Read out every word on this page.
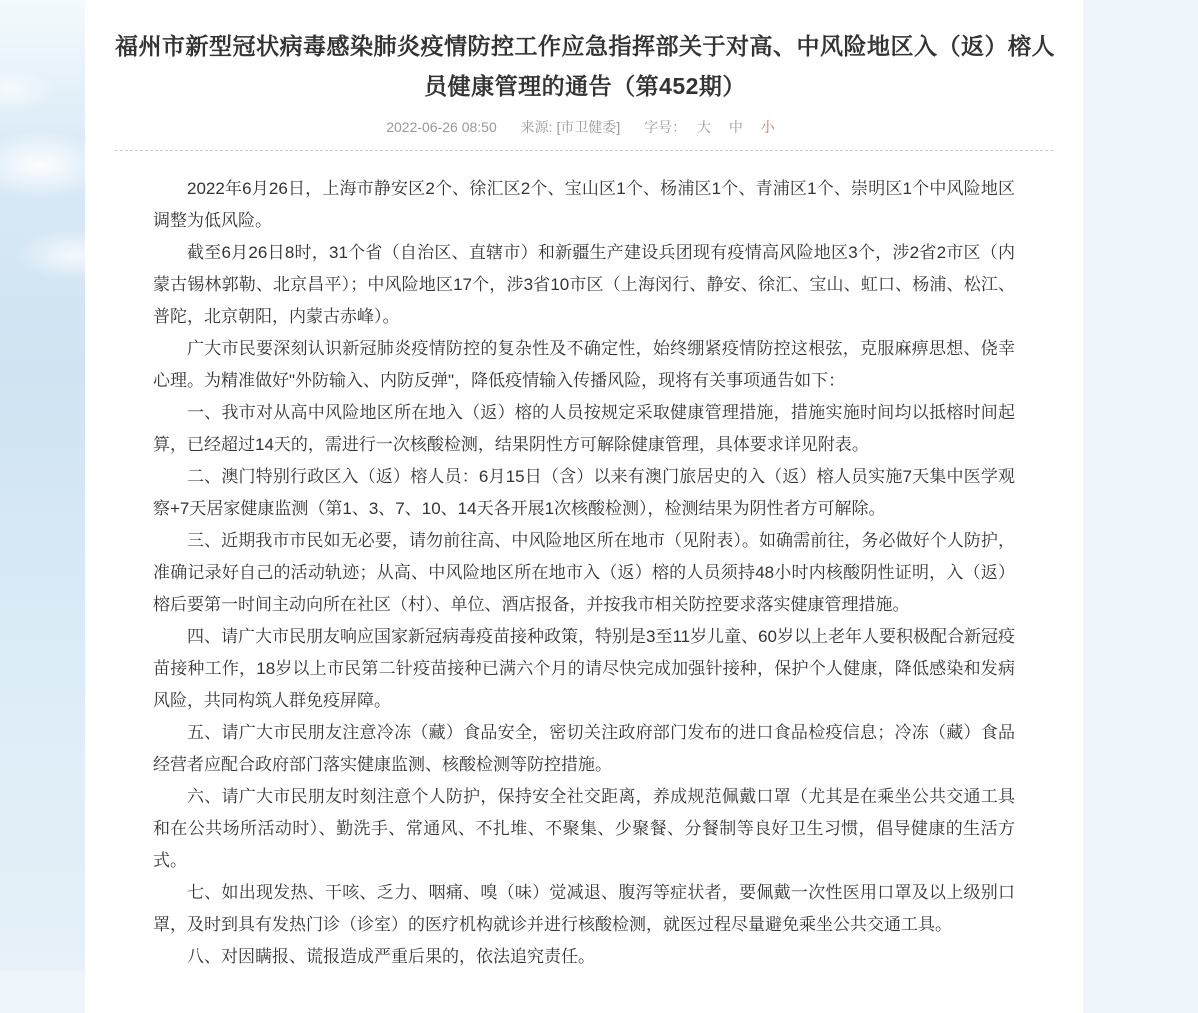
福州市新型冠状病毒感染肺炎疫情防控工作应急指挥部关于对高、中风险地区入（返）榕人员健康管理的通告（第452期）
2022-06-26 08:50 来源: [市卫健委] 字号： 大 中 小

2022年6月26日，上海市静安区2个、徐汇区2个、宝山区1个、杨浦区1个、青浦区1个、崇明区1个中风险地区调整为低风险。

截至6月26日8时，31个省（自治区、直辖市）和新疆生产建设兵团现有疫情高风险地区3个，涉2省2市区（内蒙古锡林郭勒、北京昌平）；中风险地区17个，涉3省10市区（上海闵行、静安、徐汇、宝山、虹口、杨浦、松江、普陀，北京朝阳，内蒙古赤峰）。

广大市民要深刻认识新冠肺炎疫情防控的复杂性及不确定性，始终绷紧疫情防控这根弦，克服麻痹思想、侥幸心理。为精准做好"外防输入、内防反弹"，降低疫情输入传播风险，现将有关事项通告如下：

一、我市对从高中风险地区所在地入（返）榕的人员按规定采取健康管理措施，措施实施时间均以抵榕时间起算，已经超过14天的，需进行一次核酸检测，结果阴性方可解除健康管理，具体要求详见附表。

二、澳门特别行政区入（返）榕人员：6月15日（含）以来有澳门旅居史的入（返）榕人员实施7天集中医学观察+7天居家健康监测（第1、3、7、10、14天各开展1次核酸检测），检测结果为阴性者方可解除。

三、近期我市市民如无必要，请勿前往高、中风险地区所在地市（见附表）。如确需前往，务必做好个人防护，准确记录好自己的活动轨迹；从高、中风险地区所在地市入（返）榕的人员须持48小时内核酸阴性证明，入（返）榕后要第一时间主动向所在社区（村）、单位、酒店报备，并按我市相关防控要求落实健康管理措施。

四、请广大市民朋友响应国家新冠病毒疫苗接种政策，特别是3至11岁儿童、60岁以上老年人要积极配合新冠疫苗接种工作，18岁以上市民第二针疫苗接种已满六个月的请尽快完成加强针接种，保护个人健康，降低感染和发病风险，共同构筑人群免疫屏障。

五、请广大市民朋友注意冷冻（藏）食品安全，密切关注政府部门发布的进口食品检疫信息；冷冻（藏）食品经营者应配合政府部门落实健康监测、核酸检测等防控措施。

六、请广大市民朋友时刻注意个人防护，保持安全社交距离，养成规范佩戴口罩（尤其是在乘坐公共交通工具和在公共场所活动时）、勤洗手、常通风、不扎堆、不聚集、少聚餐、分餐制等良好卫生习惯，倡导健康的生活方式。

七、如出现发热、干咳、乏力、咽痛、嗅（味）觉减退、腹泻等症状者，要佩戴一次性医用口罩及以上级别口罩，及时到具有发热门诊（诊室）的医疗机构就诊并进行核酸检测，就医过程尽量避免乘坐公共交通工具。

八、对因瞒报、谎报造成严重后果的，依法追究责任。
